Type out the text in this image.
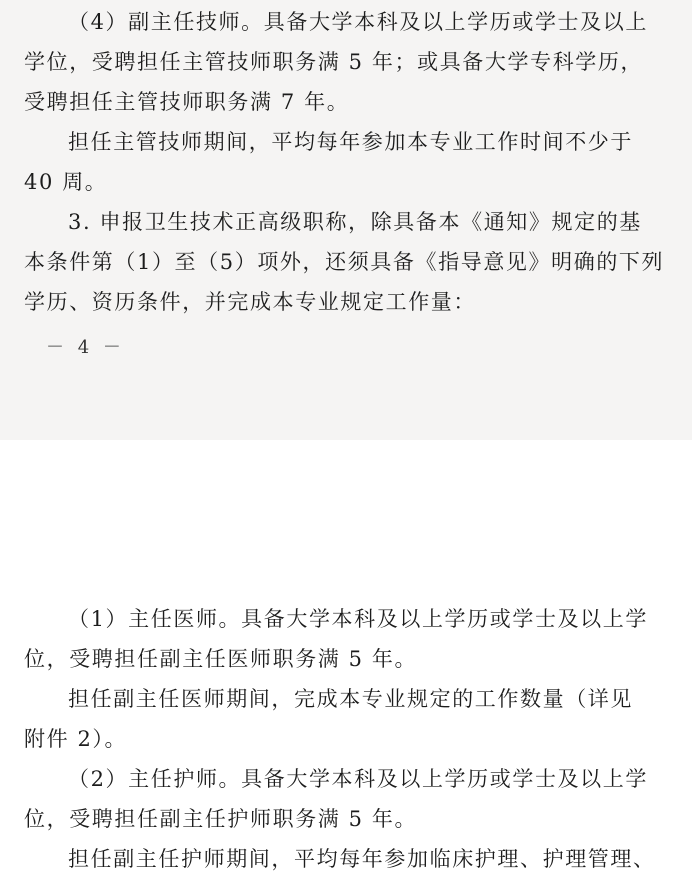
（4）副主任技师。具备大学本科及以上学历或学士及以上

学位，受聘担任主管技师职务满 5 年；或具备大学专科学历，

受聘担任主管技师职务满 7 年。

担任主管技师期间，平均每年参加本专业工作时间不少于

40 周。

3. 申报卫生技术正高级职称，除具备本《通知》规定的基

本条件第（1）至（5）项外，还须具备《指导意见》明确的下列

学历、资历条件，并完成本专业规定工作量：

－ 4 －

（1）主任医师。具备大学本科及以上学历或学士及以上学

位，受聘担任副主任医师职务满 5 年。

担任副主任医师期间，完成本专业规定的工作数量（详见

附件 2）。

（2）主任护师。具备大学本科及以上学历或学士及以上学

位，受聘担任副主任护师职务满 5 年。

担任副主任护师期间，平均每年参加临床护理、护理管理、
